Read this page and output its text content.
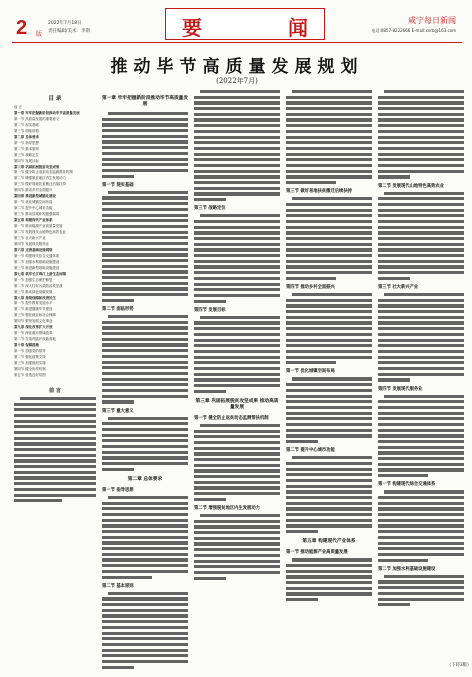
2 版
2022年7月18日
责任编辑/美术：李斯	要	闻	咸宁每日新闻
电话:0857-8222666 E-mail:xnrb@163.com
推动毕节高质量发展规划
(2022年7月)
目 录
前 言
第一章 牢牢把握新阶段推动毕节高质量发展
第一节 高质量发展的重要意义
第二节 现实基础
第三节 面临形势
第二章 总体要求
第一节 指导思想
第二节 基本原则
第三节 战略定位
第四节 发展目标
第三章 巩固拓展脱贫攻坚成果
第一节 健全防止返贫动态监测帮扶机制
第二节 增强脱贫地区内生发展动力
第三节 做好易地扶贫搬迁后续扶持
第四节 推动乡村全面振兴
第四章 推进新型城镇化建设
第一节 优化城镇空间布局
第二节 提升中心城市功能
第三节 推动县城补短板强弱项
第五章 构建现代产业体系
第一节 推动能源产业高质量发展
第二节 发展现代山地特色高效农业
第三节 壮大新兴产业
第四节 发展现代服务业
第六章 完善基础设施网络
第一节 构建现代综合交通体系
第二节 加强水利基础设施建设
第三节 推进新型基础设施建设
第七章 筑牢长江珠江上游生态屏障
第一节 加强生态保护修复
第二节 深入打好污染防治攻坚战
第三节 推动绿色低碳发展
第八章 持续保障和改善民生
第一节 提升教育发展水平
第二节 推进健康毕节建设
第三节 强化就业和社会保障
第四节 繁荣发展文化事业
第九章 深化改革扩大开放
第一节 深化重点领域改革
第二节 打造内陆开放新高地
第十章 保障措施
第一节 加强党的领导
第二节 强化政策支持
第三节 加强组织实施
第四节 健全协作机制
第五节 营造良好氛围
前 言
第一章 牢牢把握新阶段推动毕节高质量发展
第一节 现实基础
第二节 面临形势
第三节 重大意义
第二章 总体要求
第一节 指导思想
第二节 基本原则
第三节 战略定位
第四节 发展目标
第三章 巩固拓展脱贫攻坚成果 推动高质量发展
第一节 健全防止返贫动态监测帮扶机制
第二节 增强脱贫地区内生发展动力
第三节 做好易地扶贫搬迁后续扶持
第四节 推动乡村全面振兴
第一节 优化城镇空间布局
第二节 提升中心城市功能
第五章 构建现代产业体系
第一节 推动能源产业高质量发展
第二节 发展现代山地特色高效农业
第三节 壮大新兴产业
第四节 发展现代服务业
第一节 构建现代综合交通体系
第二节 加强水利基础设施建设
（下转3版）
